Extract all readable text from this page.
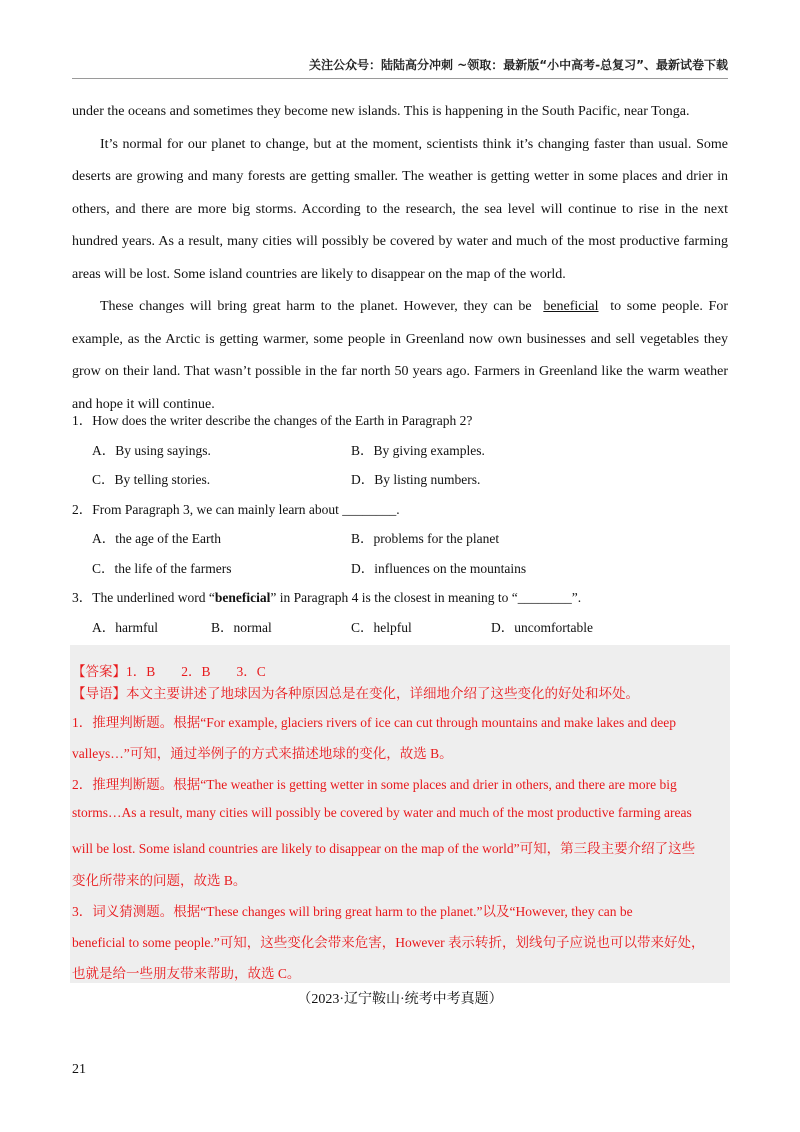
关注公众号：陆陆高分冲刺 ~领取：最新版“小中高考-总复习”、最新试卷下载

under the oceans and sometimes they become new islands. This is happening in the South Pacific, near Tonga.

It’s normal for our planet to change, but at the moment, scientists think it’s changing faster than usual. Some deserts are growing and many forests are getting smaller. The weather is getting wetter in some places and drier in others, and there are more big storms. According to the research, the sea level will continue to rise in the next hundred years. As a result, many cities will possibly be covered by water and much of the most productive farming areas will be lost. Some island countries are likely to disappear on the map of the world.

These changes will bring great harm to the planet. However, they can be beneficial to some people. For example, as the Arctic is getting warmer, some people in Greenland now own businesses and sell vegetables they grow on their land. That wasn’t possible in the far north 50 years ago. Farmers in Greenland like the warm weather and hope it will continue.

1．How does the writer describe the changes of the Earth in Paragraph 2?
A．By using sayings.	B．By giving examples.
C．By telling stories.	D．By listing numbers.
2．From Paragraph 3, we can mainly learn about ________.
A．the age of the Earth	B．problems for the planet
C．the life of the farmers	D．influences on the mountains
3．The underlined word “beneficial” in Paragraph 4 is the closest in meaning to “________”.
A．harmful	B．normal	C．helpful	D．uncomfortable
【答案】1．B 2．B 3．C
【导语】本文主要讲述了地球因为各种原因总是在变化，详细地介绍了这些变化的好处和坏处。
1．推理判断题。根据“For example, glaciers rivers of ice can cut through mountains and make lakes and deep
valleys…”可知，通过举例子的方式来描述地球的变化，故选 B。
2．推理判断题。根据“The weather is getting wetter in some places and drier in others, and there are more big
storms…As a result, many cities will possibly be covered by water and much of the most productive farming areas
will be lost. Some island countries are likely to disappear on the map of the world”可知，第三段主要介绍了这些
变化所带来的问题，故选 B。
3．词义猜测题。根据“These changes will bring great harm to the planet.”以及“However, they can be
beneficial to some people.”可知，这些变化会带来危害，However 表示转折，划线句子应说也可以带来好处，
也就是给一些朋友带来帮助，故选 C。
（2023·辽宁鞍山·统考中考真题）
21
